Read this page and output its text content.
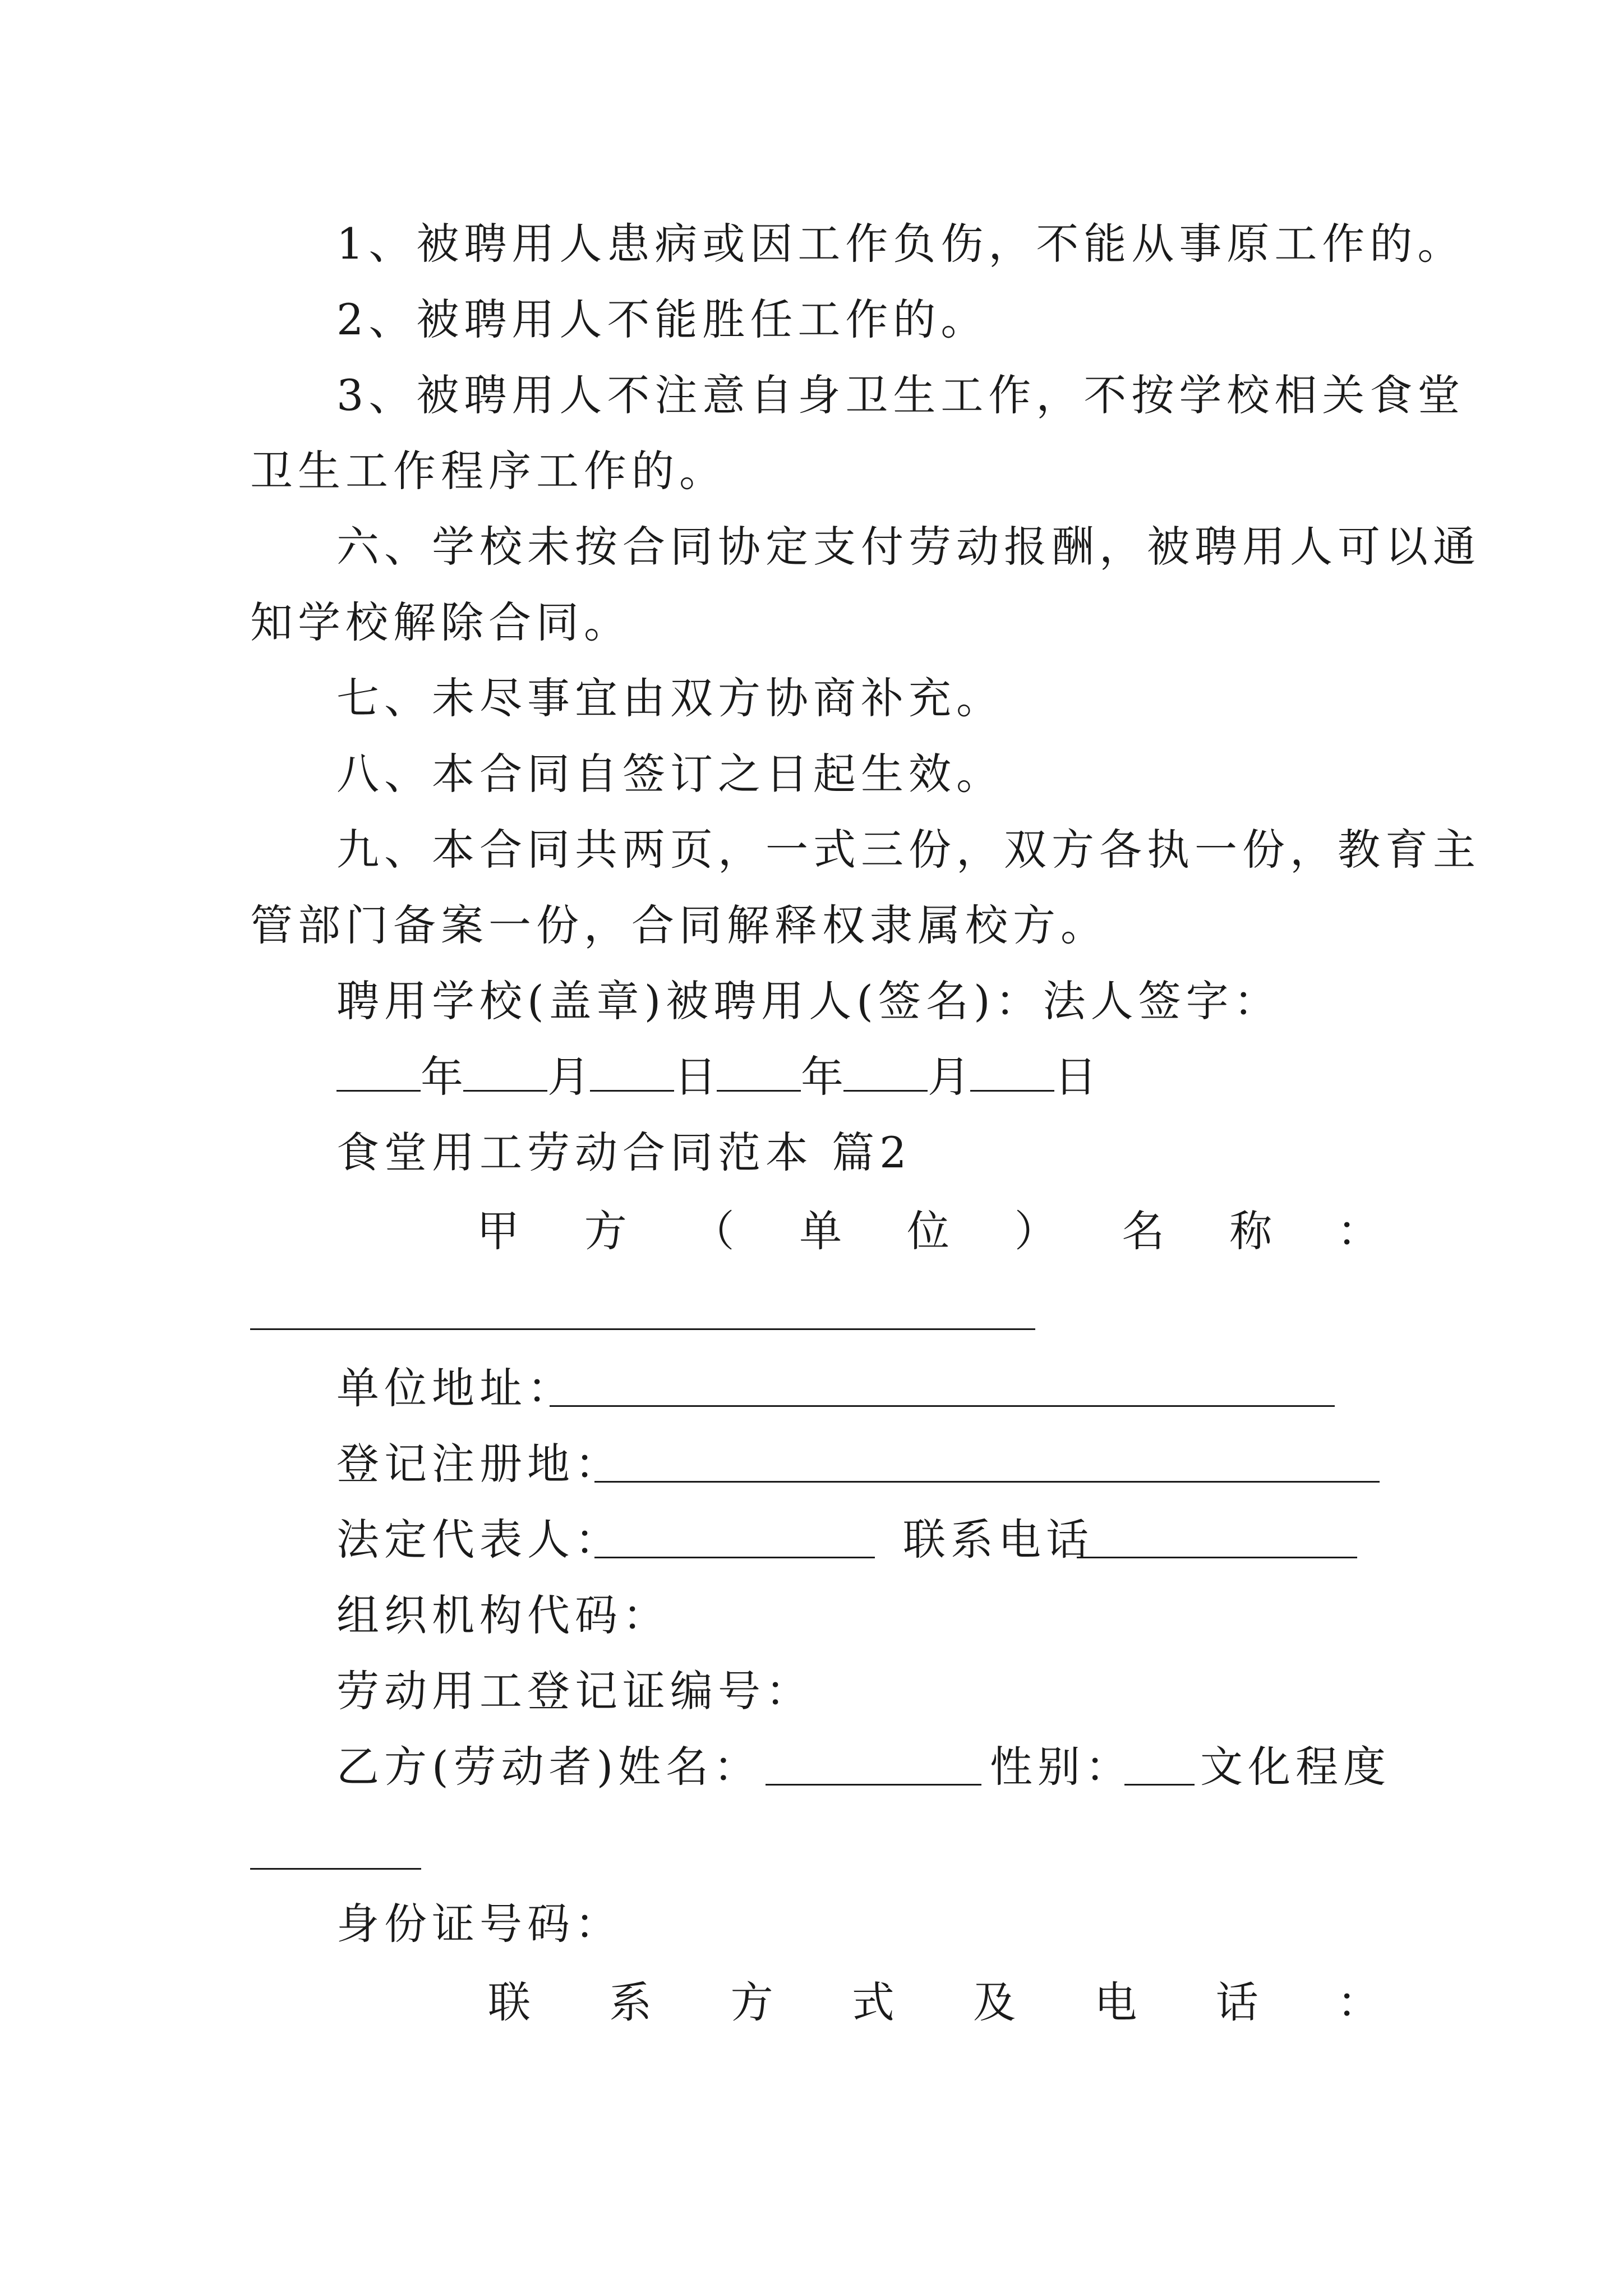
1、被聘用人患病或因工作负伤，不能从事原工作的。
2、被聘用人不能胜任工作的。
3、被聘用人不注意自身卫生工作，不按学校相关食堂
卫生工作程序工作的。
六、学校未按合同协定支付劳动报酬，被聘用人可以通
知学校解除合同。
七、未尽事宜由双方协商补充。
八、本合同自签订之日起生效。
九、本合同共两页，一式三份，双方各执一份，教育主
管部门备案一份，合同解释权隶属校方。
聘用学校(盖章)被聘用人(签名)：法人签字：
年 月 日 年 月 日
食堂用工劳动合同范本 篇2
甲 方 （ 单 位 ） 名 称 ：
单位地址：
登记注册地：
法定代表人：	联系电话
组织机构代码：
劳动用工登记证编号：
乙方(劳动者)姓名：	性别： 文化程度
身份证号码：
联 系 方 式 及 电 话 ：
